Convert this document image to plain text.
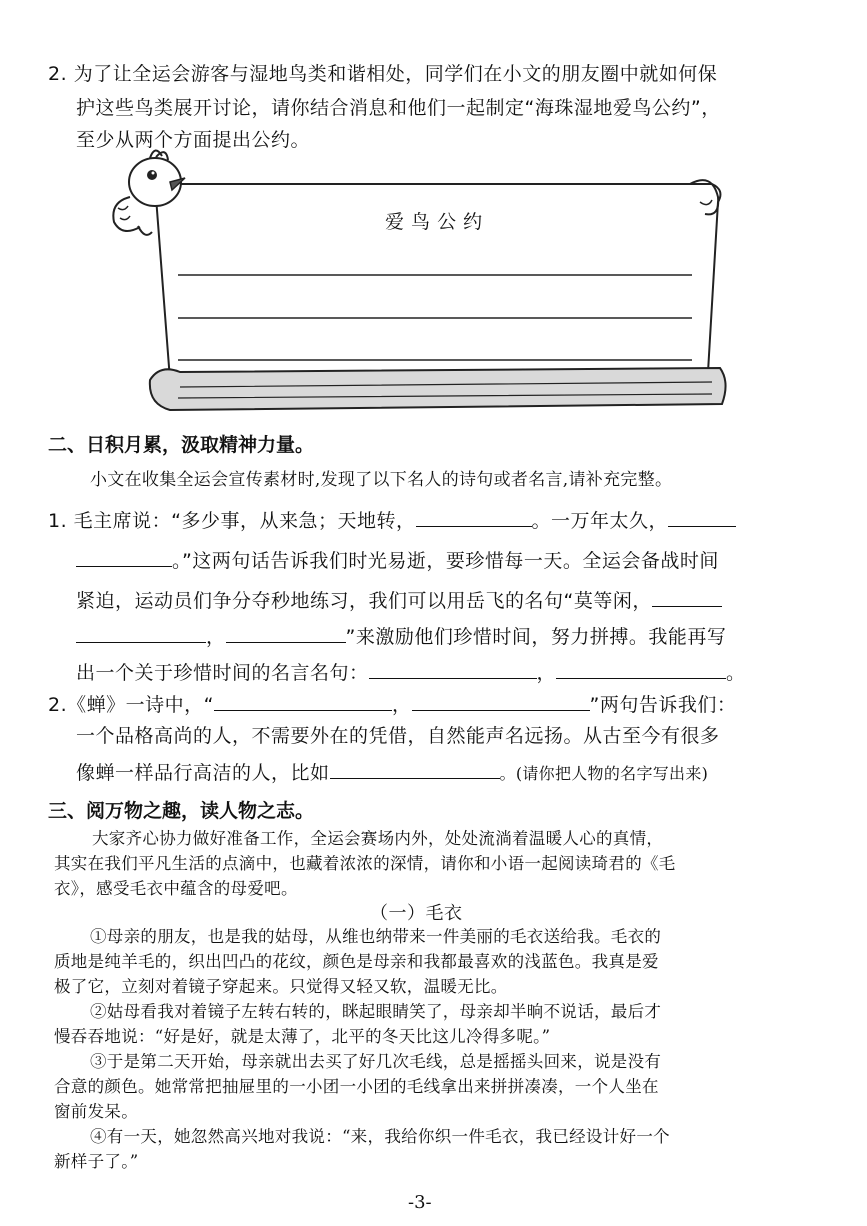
2. 为了让全运会游客与湿地鸟类和谐相处，同学们在小文的朋友圈中就如何保
护这些鸟类展开讨论，请你结合消息和他们一起制定“海珠湿地爱鸟公约”，
至少从两个方面提出公约。
爱 鸟 公 约
二、日积月累，汲取精神力量。
小文在收集全运会宣传素材时,发现了以下名人的诗句或者名言,请补充完整。
1. 毛主席说：“多少事，从来急；天地转，	。一万年太久，
。”这两句话告诉我们时光易逝，要珍惜每一天。全运会备战时间
紧迫，运动员们争分夺秒地练习，我们可以用岳飞的名句“莫等闲，
，	”来激励他们珍惜时间，努力拼搏。我能再写
出一个关于珍惜时间的名言名句：	，	。
2.《蝉》一诗中，“	，	”两句告诉我们：
一个品格高尚的人，不需要外在的凭借，自然能声名远扬。从古至今有很多
像蝉一样品行高洁的人，比如	。(请你把人物的名字写出来)
三、阅万物之趣，读人物之志。
大家齐心协力做好准备工作，全运会赛场内外，处处流淌着温暖人心的真情，
其实在我们平凡生活的点滴中，也藏着浓浓的深情，请你和小语一起阅读琦君的《毛
衣》，感受毛衣中蕴含的母爱吧。
（一）毛衣
①母亲的朋友，也是我的姑母，从维也纳带来一件美丽的毛衣送给我。毛衣的
质地是纯羊毛的，织出凹凸的花纹，颜色是母亲和我都最喜欢的浅蓝色。我真是爱
极了它，立刻对着镜子穿起来。只觉得又轻又软，温暖无比。
②姑母看我对着镜子左转右转的，眯起眼睛笑了，母亲却半晌不说话，最后才
慢吞吞地说：“好是好，就是太薄了，北平的冬天比这儿冷得多呢。”
③于是第二天开始，母亲就出去买了好几次毛线，总是摇摇头回来，说是没有
合意的颜色。她常常把抽屉里的一小团一小团的毛线拿出来拼拼凑凑，一个人坐在
窗前发呆。
④有一天，她忽然高兴地对我说：“来，我给你织一件毛衣，我已经设计好一个
新样子了。”
-3-
